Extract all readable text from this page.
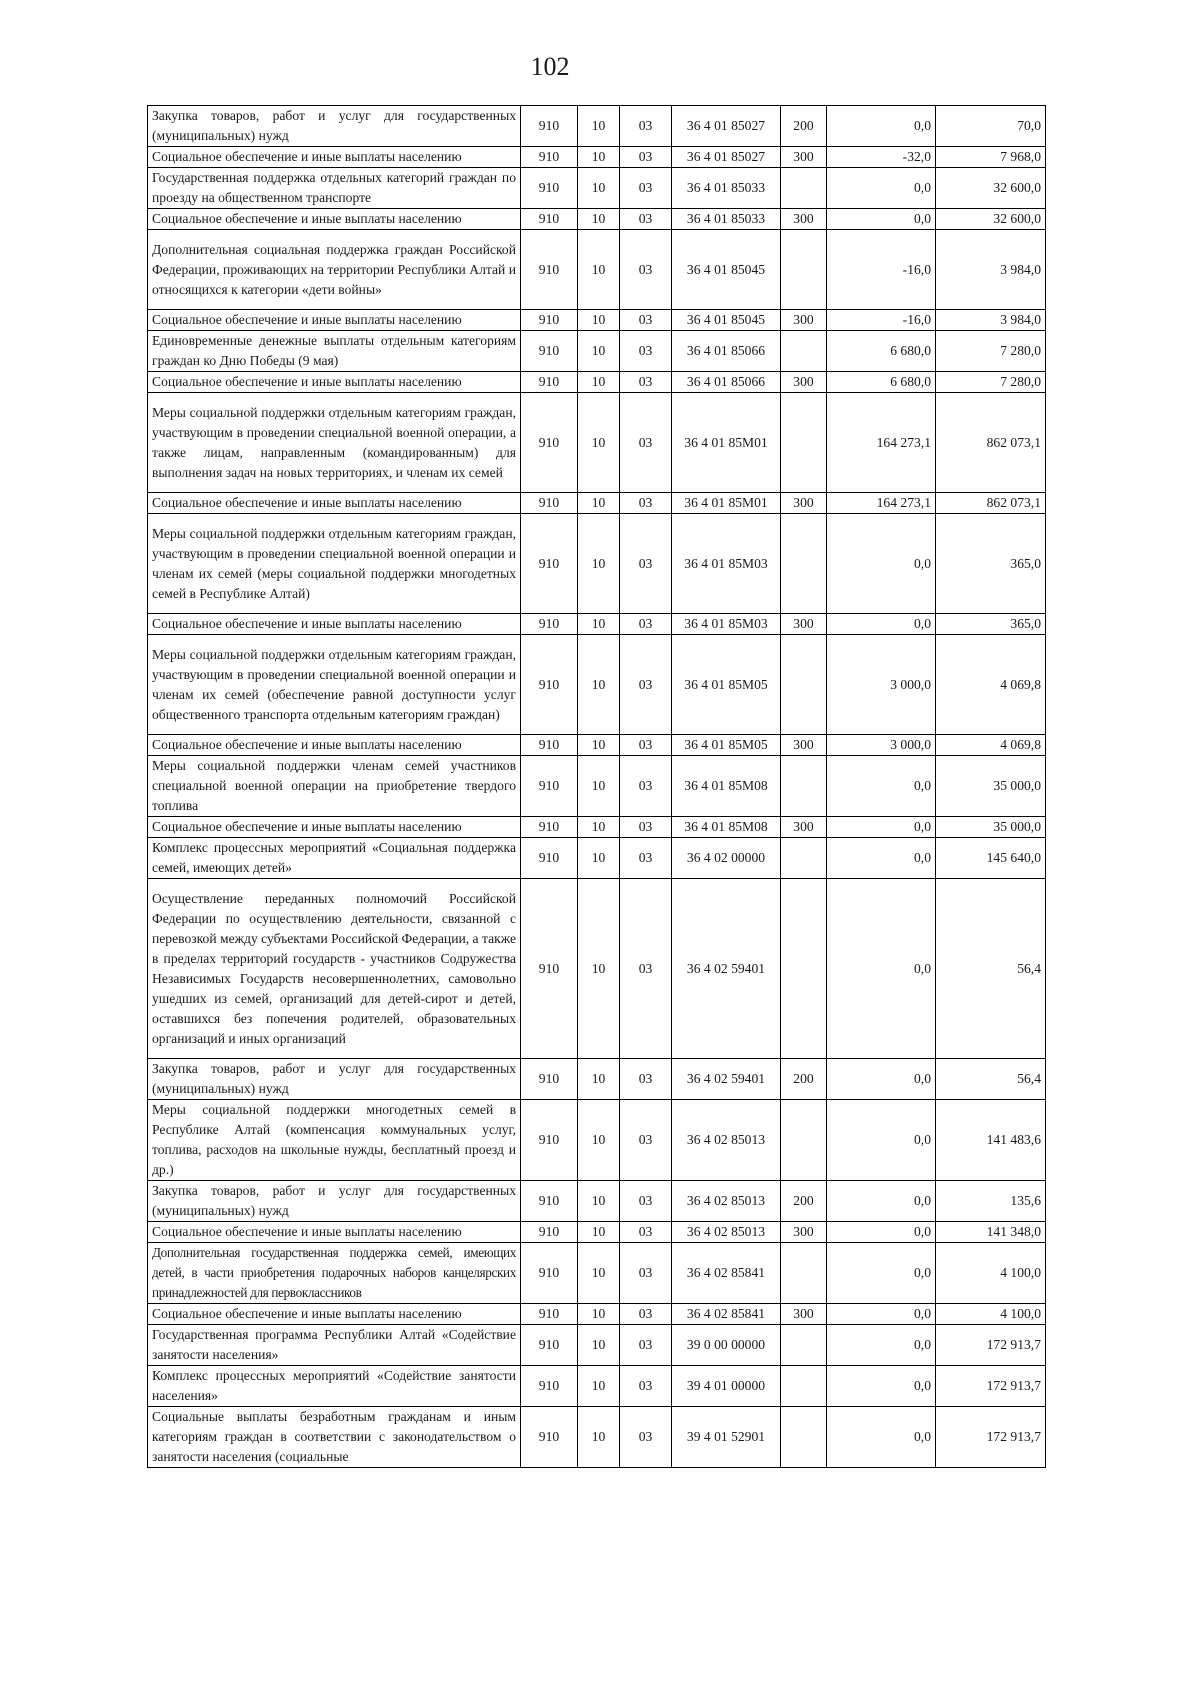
102
Закупка товаров, работ и услуг для государственных (муниципальных) нужд	910	10	03	36 4 01 85027	200	0,0	70,0
Социальное обеспечение и иные выплаты населению	910	10	03	36 4 01 85027	300	-32,0	7 968,0
Государственная поддержка отдельных категорий граждан по проезду на общественном транспорте	910	10	03	36 4 01 85033		0,0	32 600,0
Социальное обеспечение и иные выплаты населению	910	10	03	36 4 01 85033	300	0,0	32 600,0
Дополнительная социальная поддержка граждан Российской Федерации, проживающих на территории Республики Алтай и относящихся к категории «дети войны»	910	10	03	36 4 01 85045		-16,0	3 984,0
Социальное обеспечение и иные выплаты населению	910	10	03	36 4 01 85045	300	-16,0	3 984,0
Единовременные денежные выплаты отдельным категориям граждан ко Дню Победы (9 мая)	910	10	03	36 4 01 85066		6 680,0	7 280,0
Социальное обеспечение и иные выплаты населению	910	10	03	36 4 01 85066	300	6 680,0	7 280,0
Меры социальной поддержки отдельным категориям граждан, участвующим в проведении специальной военной операции, а также лицам, направленным (командированным) для выполнения задач на новых территориях, и членам их семей	910	10	03	36 4 01 85М01		164 273,1	862 073,1
Социальное обеспечение и иные выплаты населению	910	10	03	36 4 01 85М01	300	164 273,1	862 073,1
Меры социальной поддержки отдельным категориям граждан, участвующим в проведении специальной военной операции и членам их семей (меры социальной поддержки многодетных семей в Республике Алтай)	910	10	03	36 4 01 85М03		0,0	365,0
Социальное обеспечение и иные выплаты населению	910	10	03	36 4 01 85М03	300	0,0	365,0
Меры социальной поддержки отдельным категориям граждан, участвующим в проведении специальной военной операции и членам их семей (обеспечение равной доступности услуг общественного транспорта отдельным категориям граждан)	910	10	03	36 4 01 85М05		3 000,0	4 069,8
Социальное обеспечение и иные выплаты населению	910	10	03	36 4 01 85М05	300	3 000,0	4 069,8
Меры социальной поддержки членам семей участников специальной военной операции на приобретение твердого топлива	910	10	03	36 4 01 85М08		0,0	35 000,0
Социальное обеспечение и иные выплаты населению	910	10	03	36 4 01 85М08	300	0,0	35 000,0
Комплекс процессных мероприятий «Социальная поддержка семей, имеющих детей»	910	10	03	36 4 02 00000		0,0	145 640,0
Осуществление переданных полномочий Российской Федерации по осуществлению деятельности, связанной с перевозкой между субъектами Российской Федерации, а также в пределах территорий государств - участников Содружества Независимых Государств несовершеннолетних, самовольно ушедших из семей, организаций для детей-сирот и детей, оставшихся без попечения родителей, образовательных организаций и иных организаций	910	10	03	36 4 02 59401		0,0	56,4
Закупка товаров, работ и услуг для государственных (муниципальных) нужд	910	10	03	36 4 02 59401	200	0,0	56,4
Меры социальной поддержки многодетных семей в Республике Алтай (компенсация коммунальных услуг, топлива, расходов на школьные нужды, бесплатный проезд и др.)	910	10	03	36 4 02 85013		0,0	141 483,6
Закупка товаров, работ и услуг для государственных (муниципальных) нужд	910	10	03	36 4 02 85013	200	0,0	135,6
Социальное обеспечение и иные выплаты населению	910	10	03	36 4 02 85013	300	0,0	141 348,0
Дополнительная государственная поддержка семей, имеющих детей, в части приобретения подарочных наборов канцелярских принадлежностей для первоклассников	910	10	03	36 4 02 85841		0,0	4 100,0
Социальное обеспечение и иные выплаты населению	910	10	03	36 4 02 85841	300	0,0	4 100,0
Государственная программа Республики Алтай «Содействие занятости населения»	910	10	03	39 0 00 00000		0,0	172 913,7
Комплекс процессных мероприятий «Содействие занятости населения»	910	10	03	39 4 01 00000		0,0	172 913,7
Социальные выплаты безработным гражданам и иным категориям граждан в соответствии с законодательством о занятости населения (социальные	910	10	03	39 4 01 52901		0,0	172 913,7
